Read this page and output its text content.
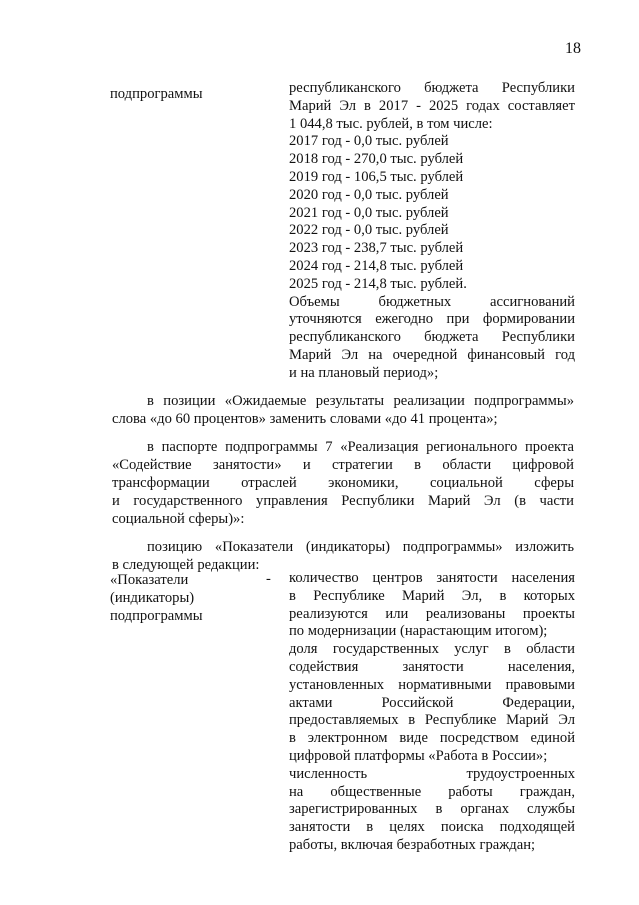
18
подпрограммы	республиканского бюджета Республики
Марий Эл в 2017 - 2025 годах составляет
1 044,8 тыс. рублей, в том числе:
2017 год - 0,0 тыс. рублей
2018 год - 270,0 тыс. рублей
2019 год - 106,5 тыс. рублей
2020 год - 0,0 тыс. рублей
2021 год - 0,0 тыс. рублей
2022 год - 0,0 тыс. рублей
2023 год - 238,7 тыс. рублей
2024 год - 214,8 тыс. рублей
2025 год - 214,8 тыс. рублей.
Объемы бюджетных ассигнований
уточняются ежегодно при формировании
республиканского бюджета Республики
Марий Эл на очередной финансовый год
и на плановый период»;
в позиции «Ожидаемые результаты реализации подпрограммы»
слова «до 60 процентов» заменить словами «до 41 процента»;
в паспорте подпрограммы 7 «Реализация регионального проекта
«Содействие занятости» и стратегии в области цифровой
трансформации отраслей экономики, социальной сферы
и государственного управления Республики Марий Эл (в части
социальной сферы)»:
позицию «Показатели (индикаторы) подпрограммы» изложить
в следующей редакции:
«Показатели
(индикаторы)
подпрограммы
- количество центров занятости населения
в Республике Марий Эл, в которых
реализуются или реализованы проекты
по модернизации (нарастающим итогом);
доля государственных услуг в области
содействия занятости населения,
установленных нормативными правовыми
актами Российской Федерации,
предоставляемых в Республике Марий Эл
в электронном виде посредством единой
цифровой платформы «Работа в России»;
численность трудоустроенных
на общественные работы граждан,
зарегистрированных в органах службы
занятости в целях поиска подходящей
работы, включая безработных граждан;
